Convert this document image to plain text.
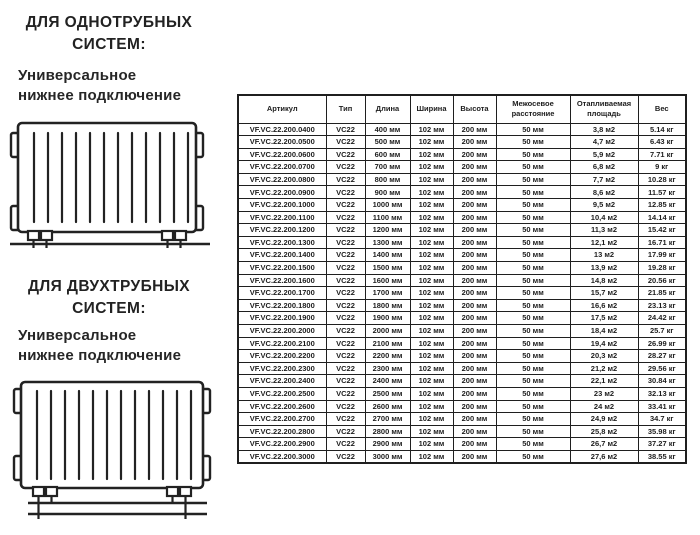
ДЛЯ ОДНОТРУБНЫХ
СИСТЕМ:
Универсальное
нижнее подключение
ДЛЯ ДВУХТРУБНЫХ
СИСТЕМ:
Универсальное
нижнее подключение
Артикул	Тип	Длина	Ширина	Высота	Межосевое расстояние	Отапливаемая площадь	Вес
VF.VC.22.200.0400	VC22	400 мм	102 мм	200 мм	50 мм	3,8 м2	5.14 кг
VF.VC.22.200.0500	VC22	500 мм	102 мм	200 мм	50 мм	4,7 м2	6.43 кг
VF.VC.22.200.0600	VC22	600 мм	102 мм	200 мм	50 мм	5,9 м2	7.71 кг
VF.VC.22.200.0700	VC22	700 мм	102 мм	200 мм	50 мм	6,8 м2	9 кг
VF.VC.22.200.0800	VC22	800 мм	102 мм	200 мм	50 мм	7,7 м2	10.28 кг
VF.VC.22.200.0900	VC22	900 мм	102 мм	200 мм	50 мм	8,6 м2	11.57 кг
VF.VC.22.200.1000	VC22	1000 мм	102 мм	200 мм	50 мм	9,5 м2	12.85 кг
VF.VC.22.200.1100	VC22	1100 мм	102 мм	200 мм	50 мм	10,4 м2	14.14 кг
VF.VC.22.200.1200	VC22	1200 мм	102 мм	200 мм	50 мм	11,3 м2	15.42 кг
VF.VC.22.200.1300	VC22	1300 мм	102 мм	200 мм	50 мм	12,1 м2	16.71 кг
VF.VC.22.200.1400	VC22	1400 мм	102 мм	200 мм	50 мм	13 м2	17.99 кг
VF.VC.22.200.1500	VC22	1500 мм	102 мм	200 мм	50 мм	13,9 м2	19.28 кг
VF.VC.22.200.1600	VC22	1600 мм	102 мм	200 мм	50 мм	14,8 м2	20.56 кг
VF.VC.22.200.1700	VC22	1700 мм	102 мм	200 мм	50 мм	15,7 м2	21.85 кг
VF.VC.22.200.1800	VC22	1800 мм	102 мм	200 мм	50 мм	16,6 м2	23.13 кг
VF.VC.22.200.1900	VC22	1900 мм	102 мм	200 мм	50 мм	17,5 м2	24.42 кг
VF.VC.22.200.2000	VC22	2000 мм	102 мм	200 мм	50 мм	18,4 м2	25.7 кг
VF.VC.22.200.2100	VC22	2100 мм	102 мм	200 мм	50 мм	19,4 м2	26.99 кг
VF.VC.22.200.2200	VC22	2200 мм	102 мм	200 мм	50 мм	20,3 м2	28.27 кг
VF.VC.22.200.2300	VC22	2300 мм	102 мм	200 мм	50 мм	21,2 м2	29.56 кг
VF.VC.22.200.2400	VC22	2400 мм	102 мм	200 мм	50 мм	22,1 м2	30.84 кг
VF.VC.22.200.2500	VC22	2500 мм	102 мм	200 мм	50 мм	23 м2	32.13 кг
VF.VC.22.200.2600	VC22	2600 мм	102 мм	200 мм	50 мм	24 м2	33.41 кг
VF.VC.22.200.2700	VC22	2700 мм	102 мм	200 мм	50 мм	24,9 м2	34.7 кг
VF.VC.22.200.2800	VC22	2800 мм	102 мм	200 мм	50 мм	25,8 м2	35.98 кг
VF.VC.22.200.2900	VC22	2900 мм	102 мм	200 мм	50 мм	26,7 м2	37.27 кг
VF.VC.22.200.3000	VC22	3000 мм	102 мм	200 мм	50 мм	27,6 м2	38.55 кг
